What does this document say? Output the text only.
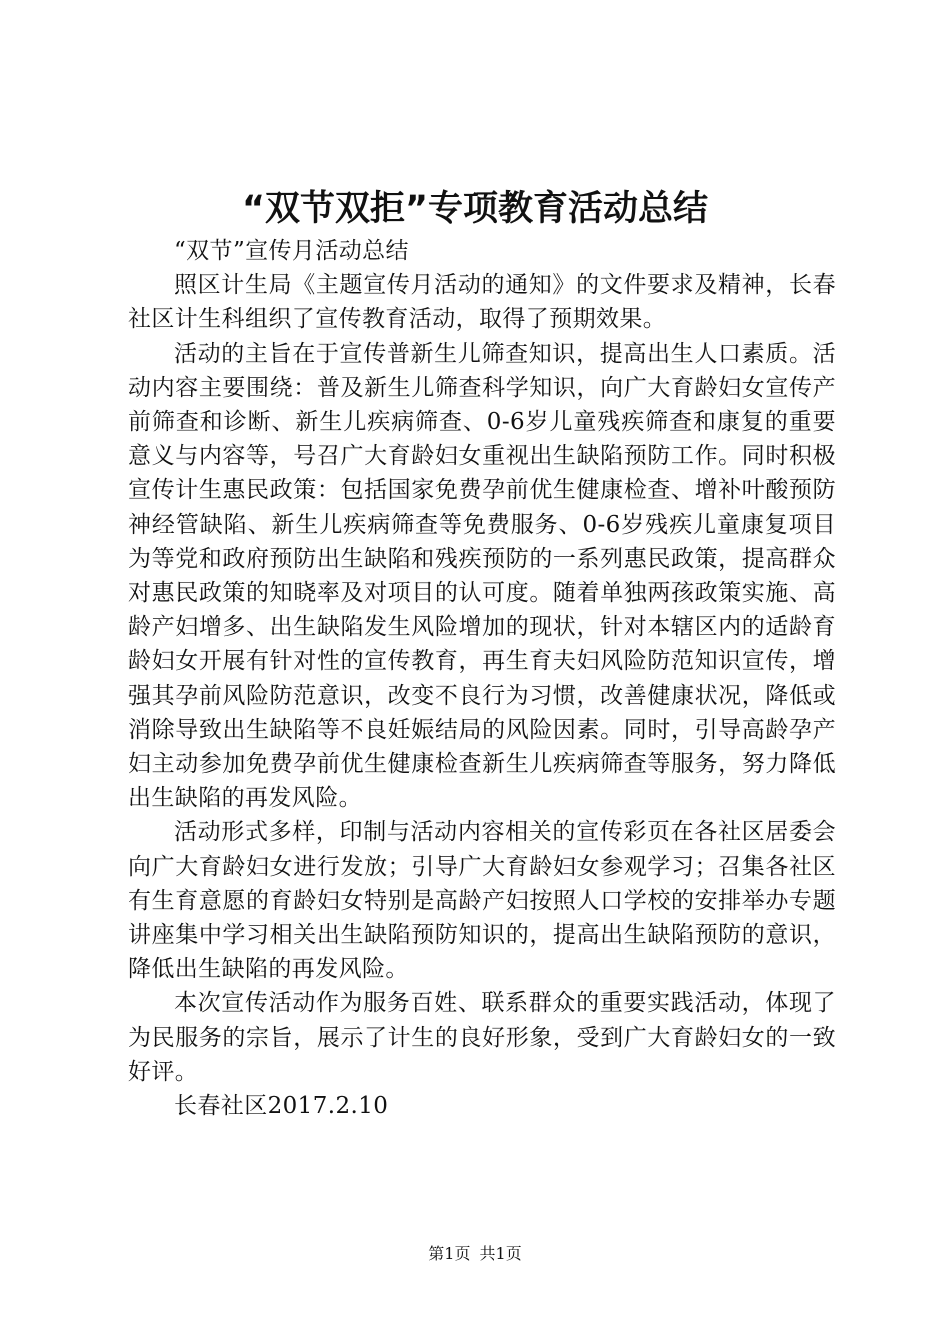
“双节双拒”专项教育活动总结

“双节”宣传月活动总结

照区计生局《主题宣传月活动的通知》的文件要求及精神，长春社区计生科组织了宣传教育活动，取得了预期效果。

活动的主旨在于宣传普新生儿筛查知识，提高出生人口素质。活动内容主要围绕：普及新生儿筛查科学知识，向广大育龄妇女宣传产前筛查和诊断、新生儿疾病筛查、0-6岁儿童残疾筛查和康复的重要意义与内容等，号召广大育龄妇女重视出生缺陷预防工作。同时积极宣传计生惠民政策：包括国家免费孕前优生健康检查、增补叶酸预防神经管缺陷、新生儿疾病筛查等免费服务、0-6岁残疾儿童康复项目为等党和政府预防出生缺陷和残疾预防的一系列惠民政策，提高群众对惠民政策的知晓率及对项目的认可度。随着单独两孩政策实施、高龄产妇增多、出生缺陷发生风险增加的现状，针对本辖区内的适龄育龄妇女开展有针对性的宣传教育，再生育夫妇风险防范知识宣传，增强其孕前风险防范意识，改变不良行为习惯，改善健康状况，降低或消除导致出生缺陷等不良妊娠结局的风险因素。同时，引导高龄孕产妇主动参加免费孕前优生健康检查新生儿疾病筛查等服务，努力降低出生缺陷的再发风险。

活动形式多样，印制与活动内容相关的宣传彩页在各社区居委会向广大育龄妇女进行发放；引导广大育龄妇女参观学习；召集各社区有生育意愿的育龄妇女特别是高龄产妇按照人口学校的安排举办专题讲座集中学习相关出生缺陷预防知识的，提高出生缺陷预防的意识，降低出生缺陷的再发风险。

本次宣传活动作为服务百姓、联系群众的重要实践活动，体现了为民服务的宗旨，展示了计生的良好形象，受到广大育龄妇女的一致好评。

长春社区2017.2.10

第1页 共1页
